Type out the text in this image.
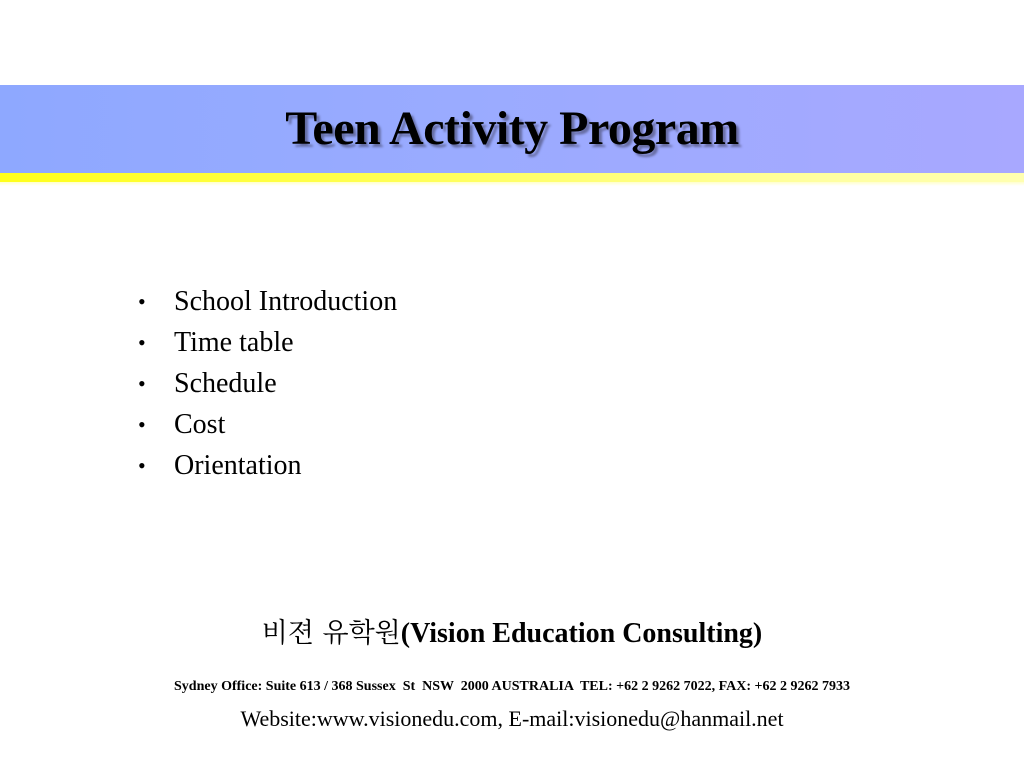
Teen Activity Program
• School Introduction
• Time table
• Schedule
• Cost
• Orientation
비젼 유학원(Vision Education Consulting)
Sydney Office: Suite 613 / 368 Sussex  St  NSW  2000 AUSTRALIA  TEL: +62 2 9262 7022, FAX: +62 2 9262 7933
Website:www.visionedu.com, E-mail:visionedu@hanmail.net
